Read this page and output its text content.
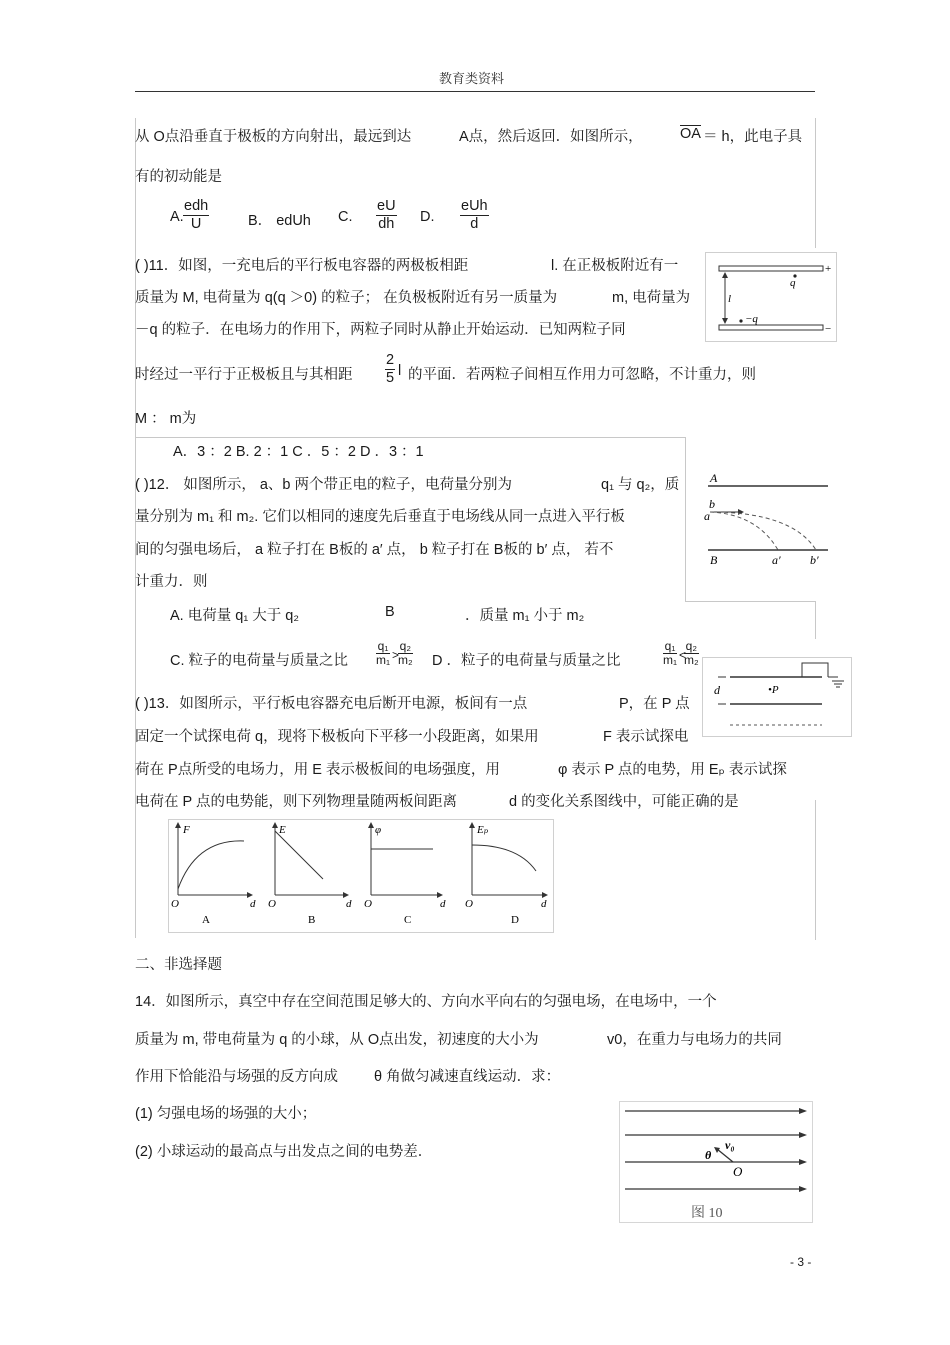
教育类资料
从 O点沿垂直于极板的方向射出，最远到达	A点，然后返回．如图所示，	OA ＝ h，此电子具
有的初动能是
A.
edh
U	B． edUh C. $\frac{eU}{dh} D$.
eUh
d
( )11．如图，一充电后的平行板电容器的两极板相距	l. 在正极板附近有一
质量为 M, 电荷量为 q(q ＞0) 的粒子； 在负极板附近有另一质量为	m, 电荷量为
－q 的粒子．在电场力的作用下，两粒子同时从静止开始运动．已知两粒子同
时经过一平行于正极板且与其相距 $\frac{2}{5}$ l 的平面．若两粒子间相互作用力可忽略，不计重力，则
M ： m为
A．3 ：2 B. 2 ：1 C ．5 ：2 D ．3 ：1
+
−
q
−q
l
( )12． 如图所示， a、b 两个带正电的粒子，电荷量分别为	q₁ 与 q₂，质
量分别为 m₁ 和 m₂. 它们以相同的速度先后垂直于电场线从同一点进入平行板
间的匀强电场后， a 粒子打在 B板的 a′ 点， b 粒子打在 B板的 b′ 点， 若不
计重力．则
A. 电荷量 q₁ 大于 q₂	B	．质量 m₁ 小于 m₂
C. 粒子的电荷量与质量之比 $\frac{\text{q₁}}{\text{m₁}}$ >
$\frac{\text{q₂}}{\text{m₂}}$ D ．粒子的电荷量与质量之比	$\frac{\text{q₁}}{\text{m₁}}$ <
$\frac{\text{q₂}}{\text{m₂}}$
A
B
b
a
a′ b′
( )13．如图所示，平行板电容器充电后断开电源，板间有一点	P，在 P 点
固定一个试探电荷 q，现将下极板向下平移一小段距离，如果用	F 表示试探电
荷在 P点所受的电场力，用 E 表示极板间的电场强度，用	φ 表示 P 点的电势，用 Eₚ 表示试探
电荷在 P 点的电势能，则下列物理量随两板间距离	d 的变化关系图线中，可能正确的是
d	•P
F
O	d
A
E
O	d
B
φ
O	d
C
Eₚ
O	d
D
二、非选择题
14．如图所示，真空中存在空间范围足够大的、方向水平向右的匀强电场，在电场中，一个
质量为 m, 带电荷量为 q 的小球，从 O点出发，初速度的大小为	v0，在重力与电场力的共同
作用下恰能沿与场强的反方向成 θ 角做匀减速直线运动．求：
(1) 匀强电场的场强的大小；
(2) 小球运动的最高点与出发点之间的电势差．	θ
v₀
O
图 10
- 3 -
